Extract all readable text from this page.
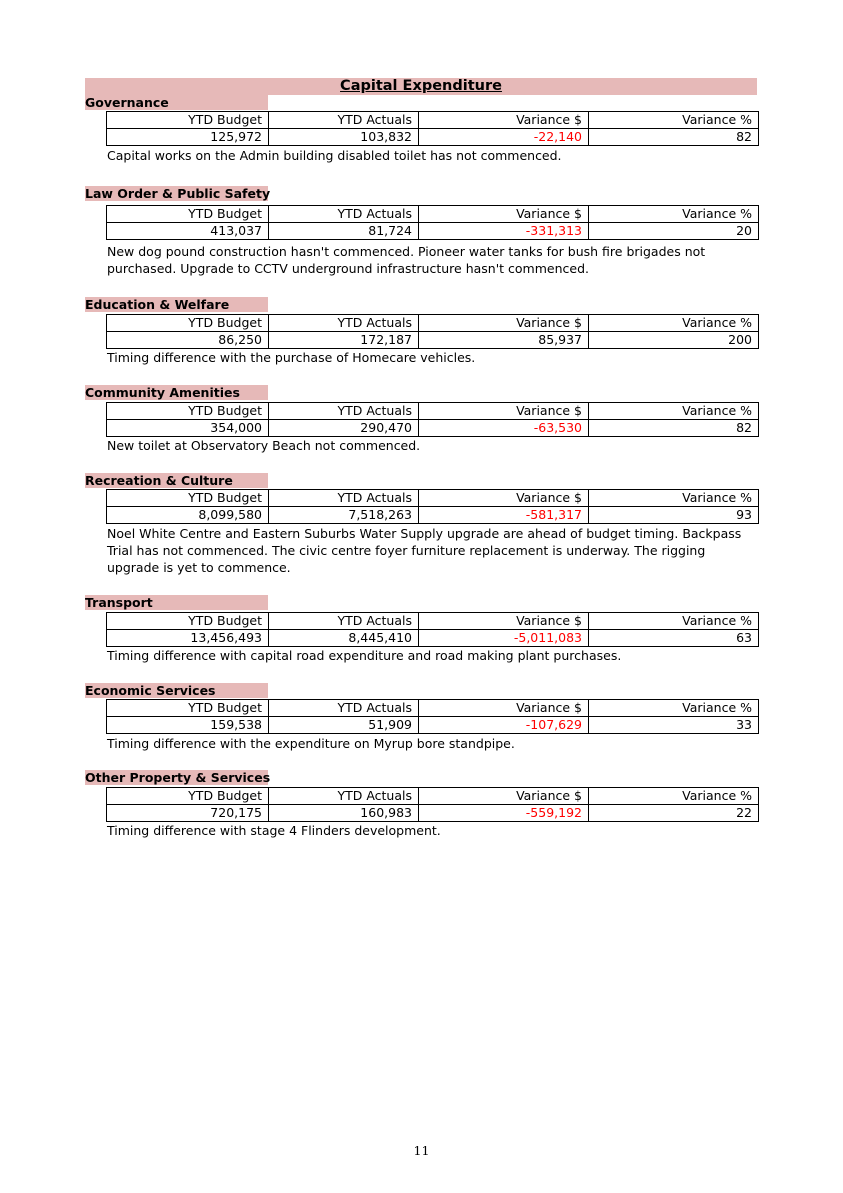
Capital Expenditure
Governance
YTD Budget	YTD Actuals	Variance $	Variance %
125,972	103,832	-22,140	82
Capital works on the Admin building disabled toilet has not commenced.
Law Order & Public Safety
YTD Budget	YTD Actuals	Variance $	Variance %
413,037	81,724	-331,313	20
New dog pound construction hasn't commenced. Pioneer water tanks for bush fire brigades not purchased. Upgrade to CCTV underground infrastructure hasn't commenced.
Education & Welfare
YTD Budget	YTD Actuals	Variance $	Variance %
86,250	172,187	85,937	200
Timing difference with the purchase of Homecare vehicles.
Community Amenities
YTD Budget	YTD Actuals	Variance $	Variance %
354,000	290,470	-63,530	82
New toilet at Observatory Beach not commenced.
Recreation & Culture
YTD Budget	YTD Actuals	Variance $	Variance %
8,099,580	7,518,263	-581,317	93
Noel White Centre and Eastern Suburbs Water Supply upgrade are ahead of budget timing. Backpass Trial has not commenced. The civic centre foyer furniture replacement is underway. The rigging upgrade is yet to commence.
Transport
YTD Budget	YTD Actuals	Variance $	Variance %
13,456,493	8,445,410	-5,011,083	63
Timing difference with capital road expenditure and road making plant purchases.
Economic Services
YTD Budget	YTD Actuals	Variance $	Variance %
159,538	51,909	-107,629	33
Timing difference with the expenditure on Myrup bore standpipe.
Other Property & Services
YTD Budget	YTD Actuals	Variance $	Variance %
720,175	160,983	-559,192	22
Timing difference with stage 4 Flinders development.
11
